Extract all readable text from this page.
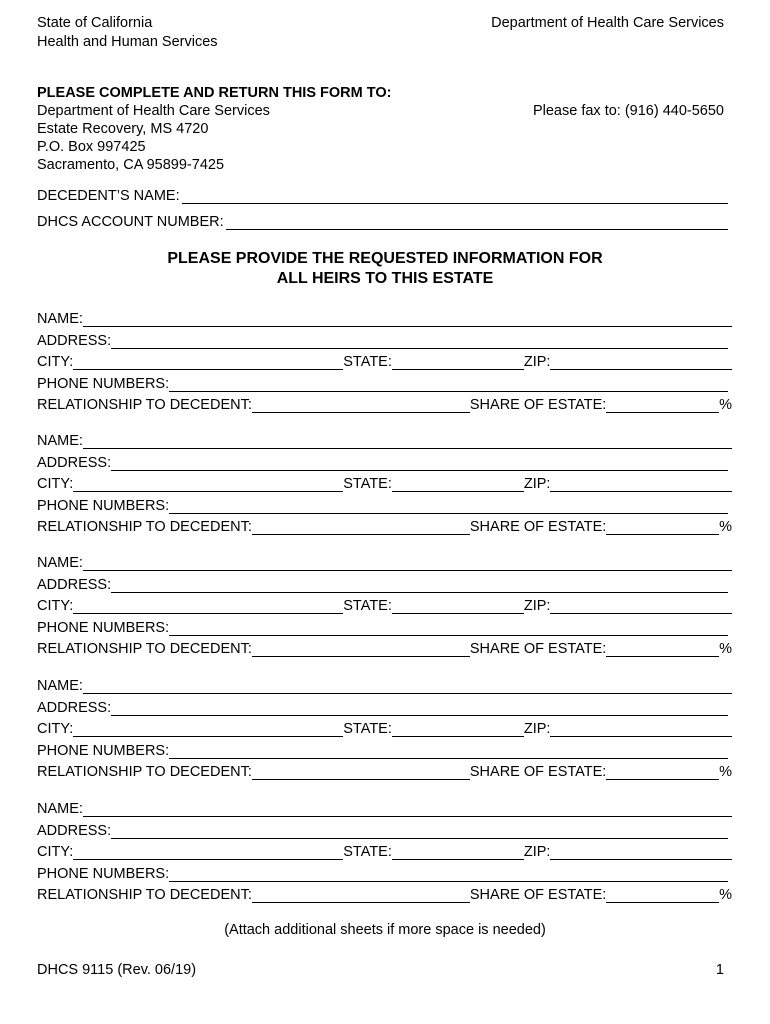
State of California
Health and Human Services
Department of Health Care Services
PLEASE COMPLETE AND RETURN THIS FORM TO:
Department of Health Care Services
Estate Recovery, MS 4720
P.O. Box 997425
Sacramento, CA 95899-7425
Please fax to: (916) 440-5650
DECEDENT’S NAME:
DHCS ACCOUNT NUMBER:
PLEASE PROVIDE THE REQUESTED INFORMATION FOR
ALL HEIRS TO THIS ESTATE
NAME:
ADDRESS:
CITY:	STATE:	ZIP:
PHONE NUMBERS:
RELATIONSHIP TO DECEDENT:	SHARE OF ESTATE:	%
NAME:
ADDRESS:
CITY:	STATE:	ZIP:
PHONE NUMBERS:
RELATIONSHIP TO DECEDENT:	SHARE OF ESTATE:	%
NAME:
ADDRESS:
CITY:	STATE:	ZIP:
PHONE NUMBERS:
RELATIONSHIP TO DECEDENT:	SHARE OF ESTATE:	%
NAME:
ADDRESS:
CITY:	STATE:	ZIP:
PHONE NUMBERS:
RELATIONSHIP TO DECEDENT:	SHARE OF ESTATE:	%
NAME:
ADDRESS:
CITY:	STATE:	ZIP:
PHONE NUMBERS:
RELATIONSHIP TO DECEDENT:	SHARE OF ESTATE:	%
(Attach additional sheets if more space is needed)
DHCS 9115 (Rev. 06/19)	1
